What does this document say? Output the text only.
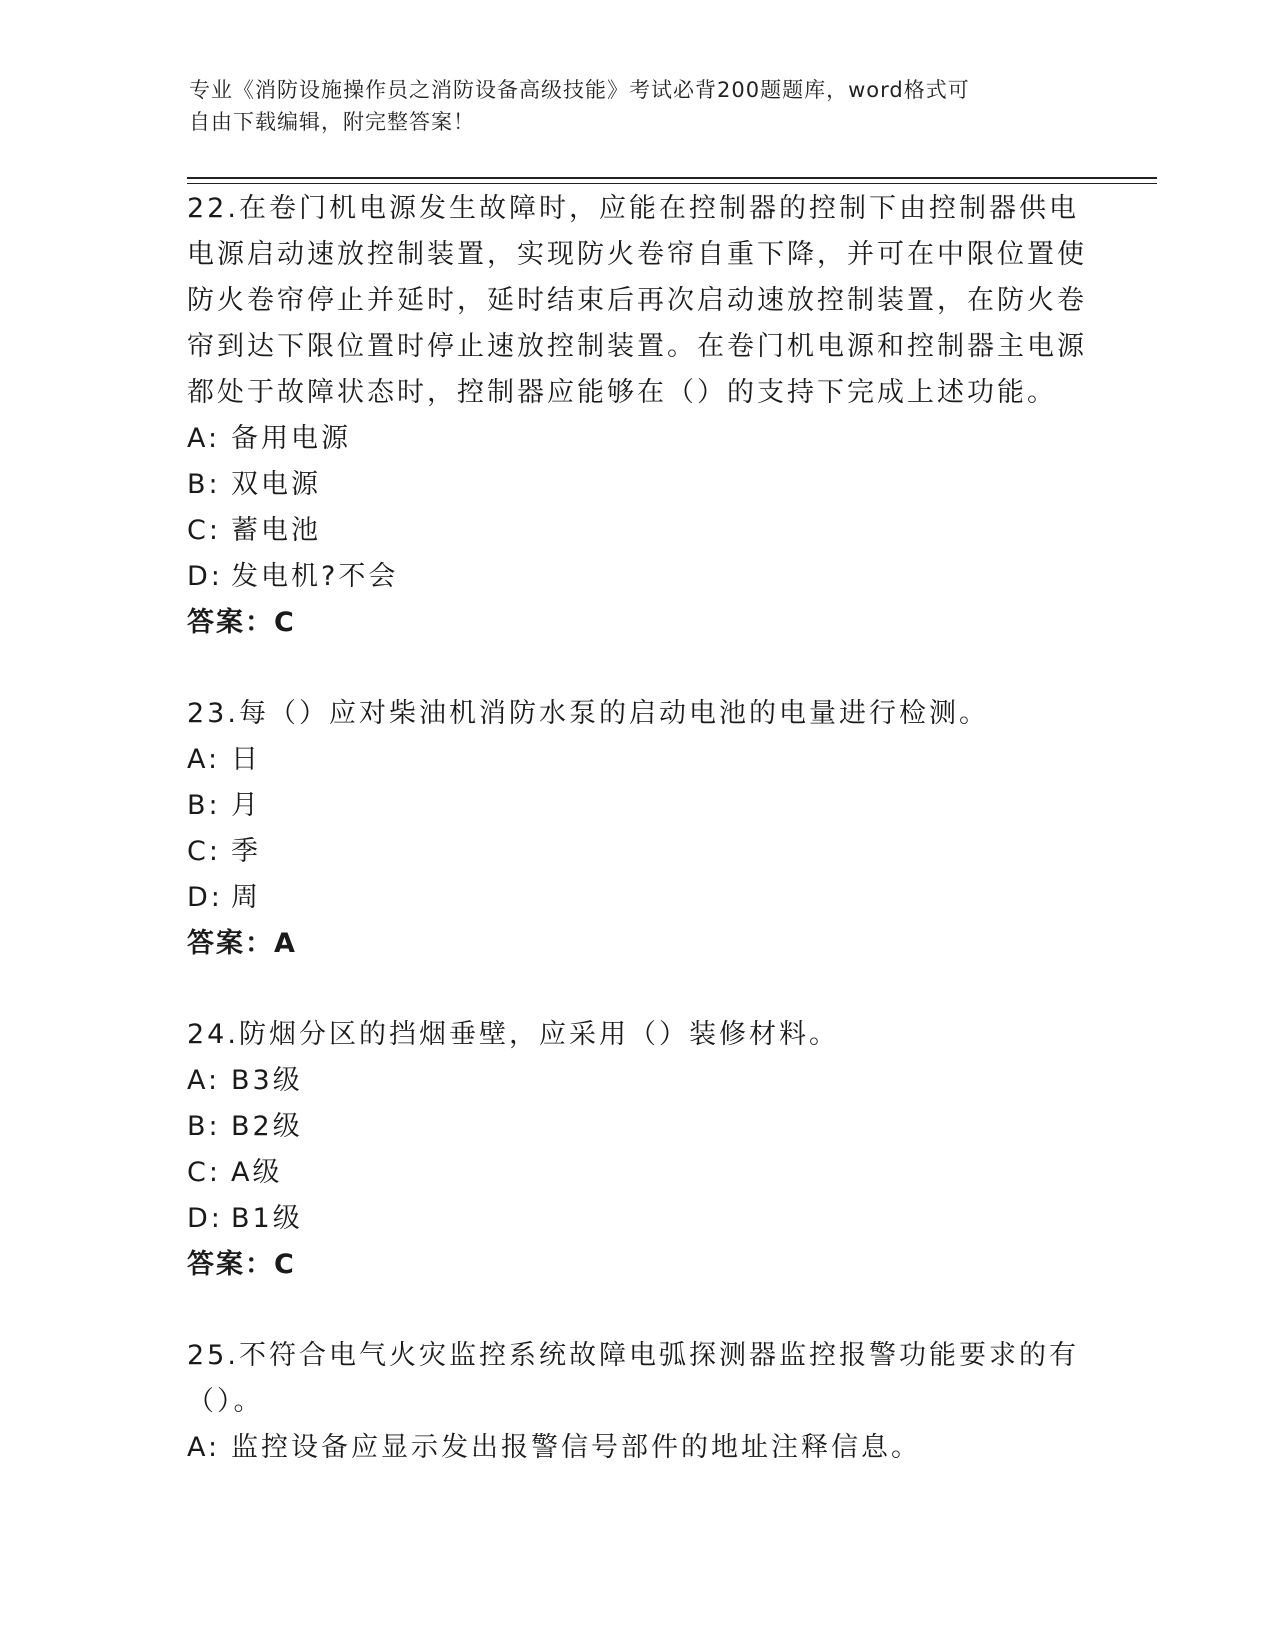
专业《消防设施操作员之消防设备高级技能》考试必背200题题库，word格式可
自由下载编辑，附完整答案！

22.在卷门机电源发生故障时，应能在控制器的控制下由控制器供电电源启动速放控制装置，实现防火卷帘自重下降，并可在中限位置使防火卷帘停止并延时，延时结束后再次启动速放控制装置，在防火卷帘到达下限位置时停止速放控制装置。在卷门机电源和控制器主电源都处于故障状态时，控制器应能够在（）的支持下完成上述功能。

A: 备用电源
B: 双电源
C: 蓄电池
D: 发电机?不会

答案：C

23.每（）应对柴油机消防水泵的启动电池的电量进行检测。

A: 日
B: 月
C: 季
D: 周

答案：A

24.防烟分区的挡烟垂壁，应采用（）装修材料。

A: B3级
B: B2级
C: A级
D: B1级

答案：C

25.不符合电气火灾监控系统故障电弧探测器监控报警功能要求的有（）。

A: 监控设备应显示发出报警信号部件的地址注释信息。
